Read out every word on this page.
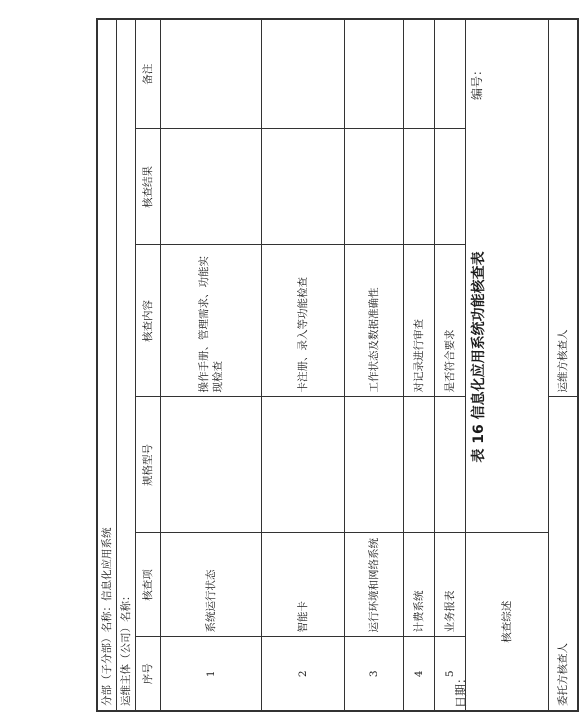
表 16 信息化应用系统功能核查表
日期：
编号：
分部（子分部）名称：信息化应用系统					
运维主体（公司）名称：					
序号	核查项	规格型号	核查内容	核查结果	备注
1	系统运行状态		操作手册、管理需求、功能实现检查		
2	智能卡		卡注册、录入等功能检查		
3	运行环境和网络系统		工作状态及数据准确性		
4	计费系统		对记录进行审查		
5	业务报表		是否符合要求		
核查综述					
委托方核查人			运维方核查人		
